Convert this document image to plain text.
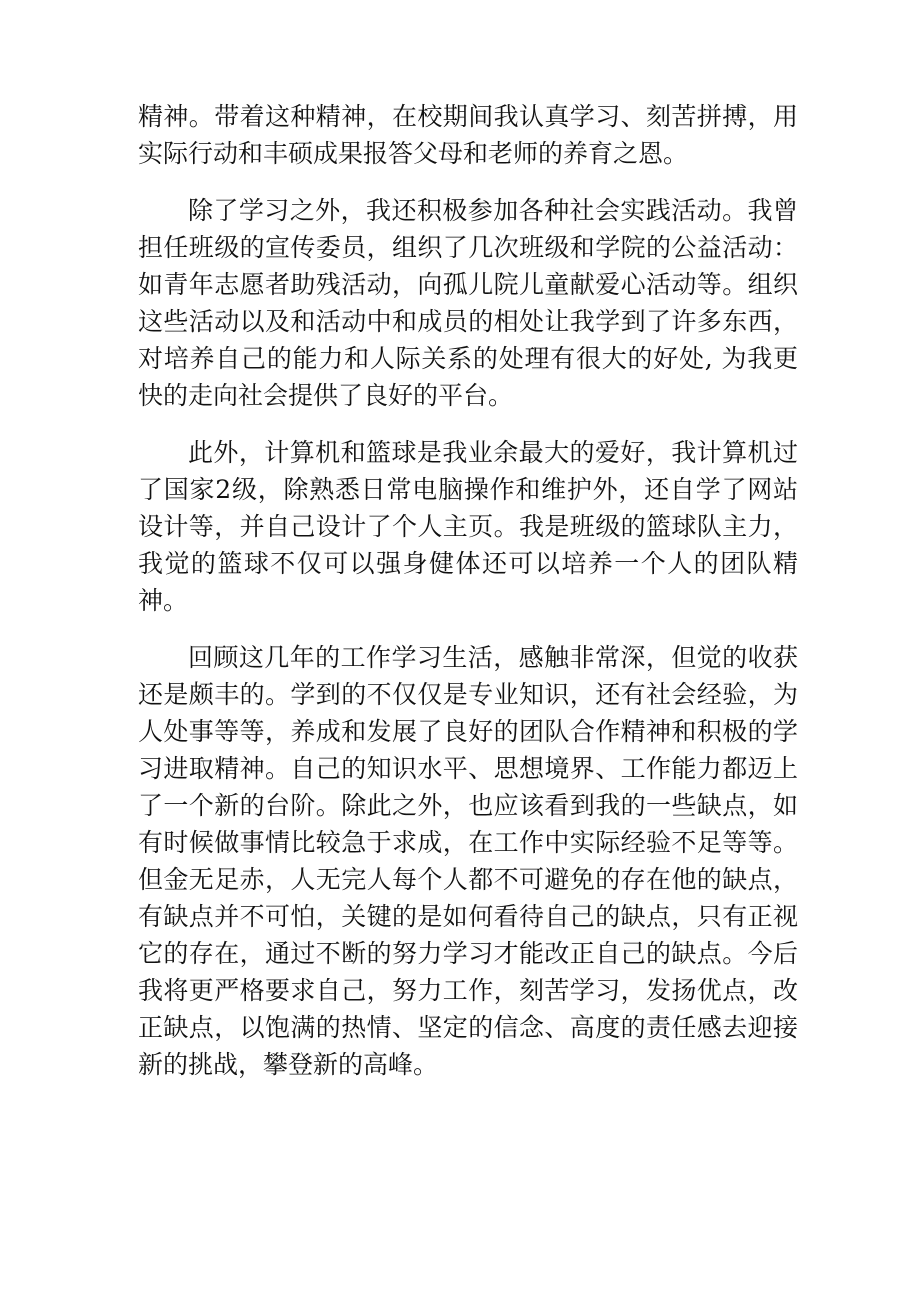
精神。带着这种精神，在校期间我认真学习、刻苦拼搏，用实际行动和丰硕成果报答父母和老师的养育之恩。

除了学习之外，我还积极参加各种社会实践活动。我曾担任班级的宣传委员，组织了几次班级和学院的公益活动：如青年志愿者助残活动，向孤儿院儿童献爱心活动等。组织这些活动以及和活动中和成员的相处让我学到了许多东西，对培养自己的能力和人际关系的处理有很大的好处, 为我更快的走向社会提供了良好的平台。

此外，计算机和篮球是我业余最大的爱好，我计算机过了国家2级，除熟悉日常电脑操作和维护外，还自学了网站设计等，并自己设计了个人主页。我是班级的篮球队主力，我觉的篮球不仅可以强身健体还可以培养一个人的团队精神。

回顾这几年的工作学习生活，感触非常深，但觉的收获还是颇丰的。学到的不仅仅是专业知识，还有社会经验，为人处事等等，养成和发展了良好的团队合作精神和积极的学习进取精神。自己的知识水平、思想境界、工作能力都迈上了一个新的台阶。除此之外，也应该看到我的一些缺点，如有时候做事情比较急于求成，在工作中实际经验不足等等。但金无足赤，人无完人每个人都不可避免的存在他的缺点，有缺点并不可怕，关键的是如何看待自己的缺点，只有正视它的存在，通过不断的努力学习才能改正自己的缺点。今后我将更严格要求自己，努力工作，刻苦学习，发扬优点，改正缺点，以饱满的热情、坚定的信念、高度的责任感去迎接新的挑战，攀登新的高峰。
